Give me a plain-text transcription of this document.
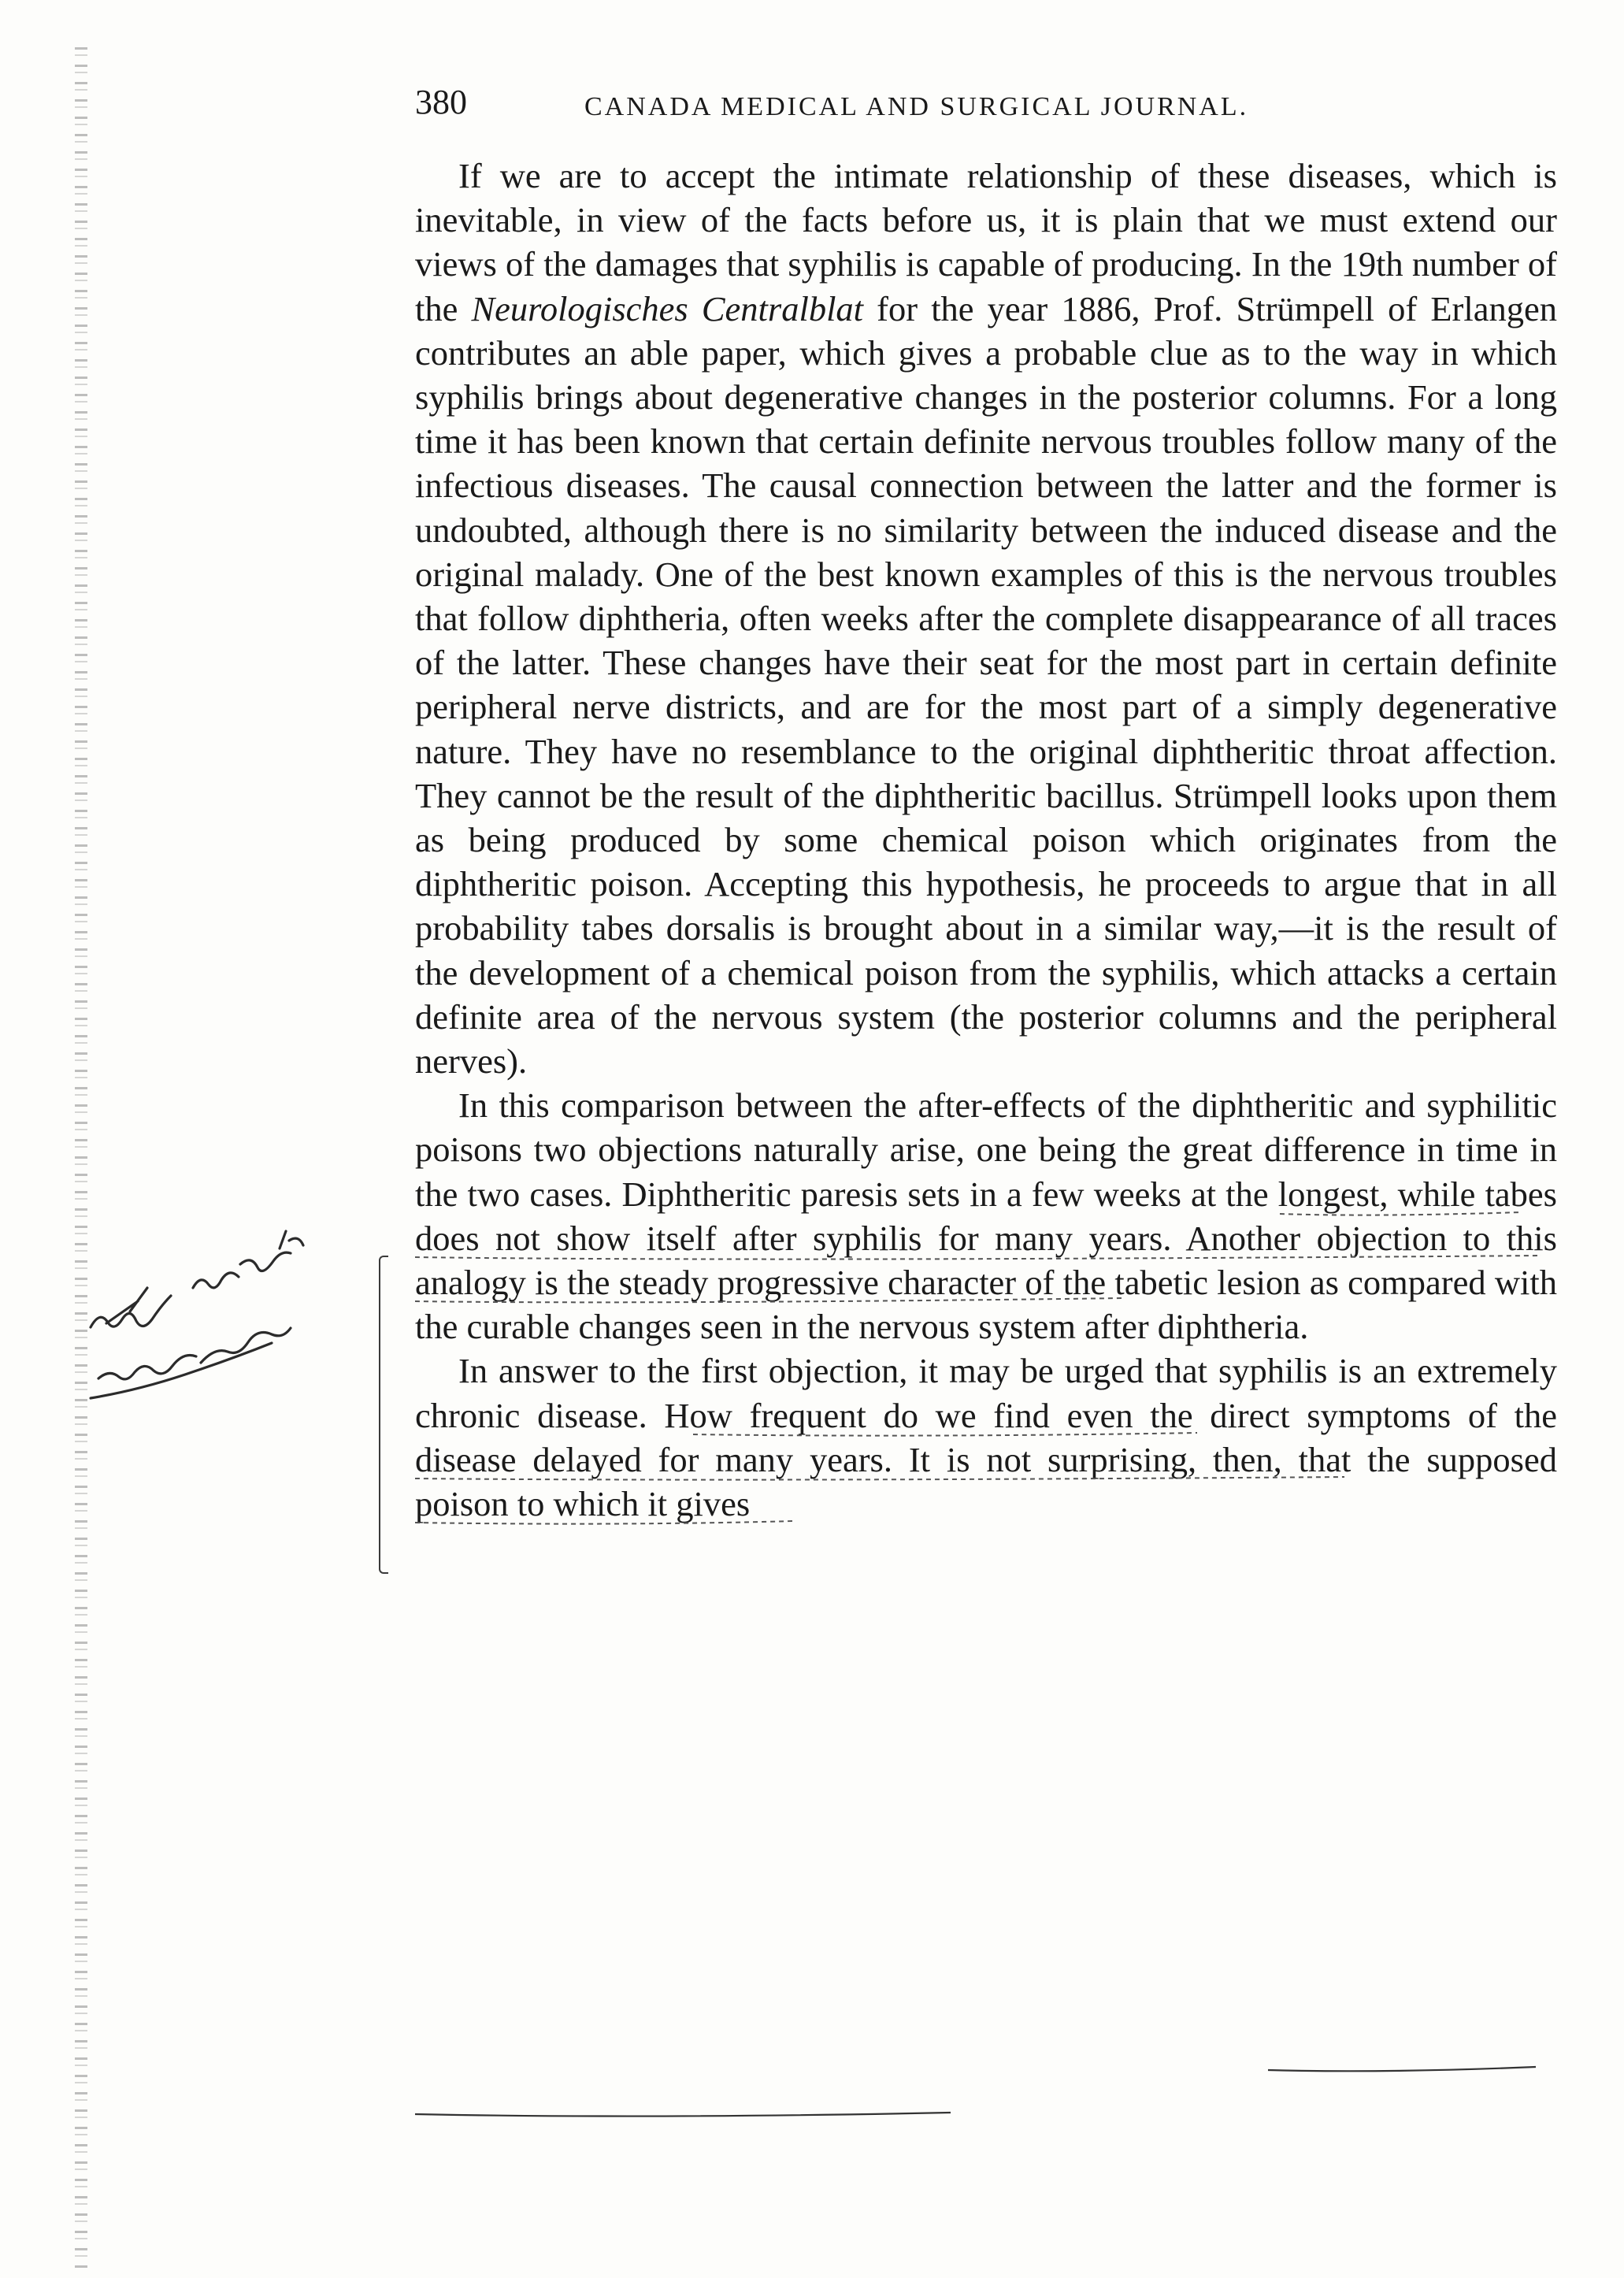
380	CANADA MEDICAL AND SURGICAL JOURNAL.

If we are to accept the intimate relationship of these diseases, which is inevitable, in view of the facts before us, it is plain that we must extend our views of the damages that syphilis is capable of producing. In the 19th number of the Neurologisches Centralblat for the year 1886, Prof. Strümpell of Erlangen contributes an able paper, which gives a probable clue as to the way in which syphilis brings about degenerative changes in the posterior columns. For a long time it has been known that certain definite nervous troubles follow many of the infectious diseases. The causal connection between the latter and the former is undoubted, although there is no similarity between the induced disease and the original malady. One of the best known examples of this is the nervous troubles that follow diphtheria, often weeks after the complete disappearance of all traces of the latter. These changes have their seat for the most part in certain definite peripheral nerve districts, and are for the most part of a simply degenerative nature. They have no resemblance to the original diphtheritic throat affection. They cannot be the result of the diphtheritic bacillus. Strümpell looks upon them as being produced by some chemical poison which originates from the diphtheritic poison. Accepting this hypothesis, he proceeds to argue that in all probability tabes dorsalis is brought about in a similar way,—it is the result of the development of a chemical poison from the syphilis, which attacks a certain definite area of the nervous system (the posterior columns and the peripheral nerves).

In this comparison between the after-effects of the diphtheritic and syphilitic poisons two objections naturally arise, one being the great difference in time in the two cases. Diphtheritic paresis sets in a few weeks at the longest, while tabes does not show itself after syphilis for many years. Another objection to this analogy is the steady progressive character of the tabetic lesion as compared with the curable changes seen in the nervous system after diphtheria.

In answer to the first objection, it may be urged that syphilis is an extremely chronic disease. How frequent do we find even the direct symptoms of the disease delayed for many years. It is not surprising, then, that the supposed poison to which it gives
